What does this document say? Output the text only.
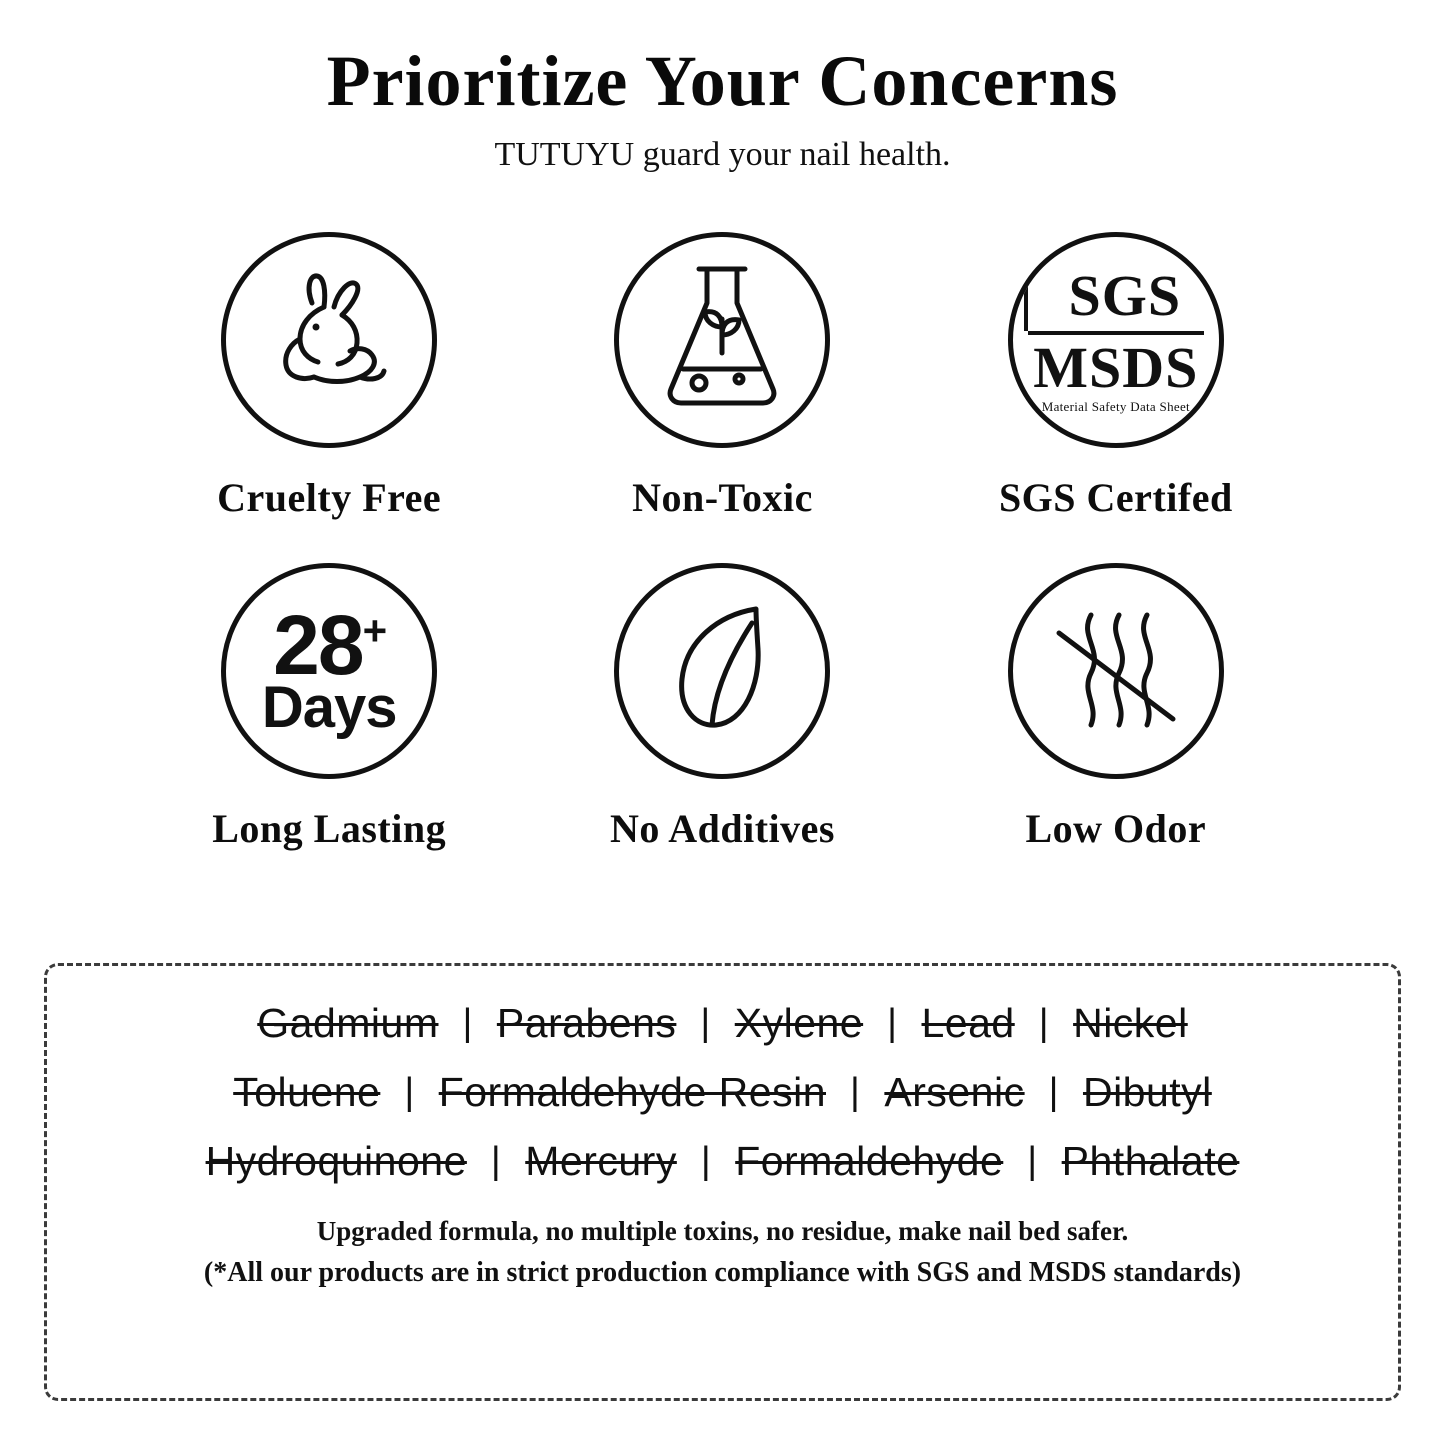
Prioritize Your Concerns
TUTUYU guard your nail health.
Cruelty Free	Non-Toxic
SGS
MSDS
Material Safety Data Sheet
SGS Certifed
28+
Days
Long Lasting	No Additives	Low Odor
Gadmium | Parabens | Xylene | Lead | Nickel
Toluene | Formaldehyde Resin | Arsenic | Dibutyl
Hydroquinone | Mercury | Formaldehyde | Phthalate
Upgraded formula, no multiple toxins, no residue, make nail bed safer.
(*All our products are in strict production compliance with SGS and MSDS standards)
